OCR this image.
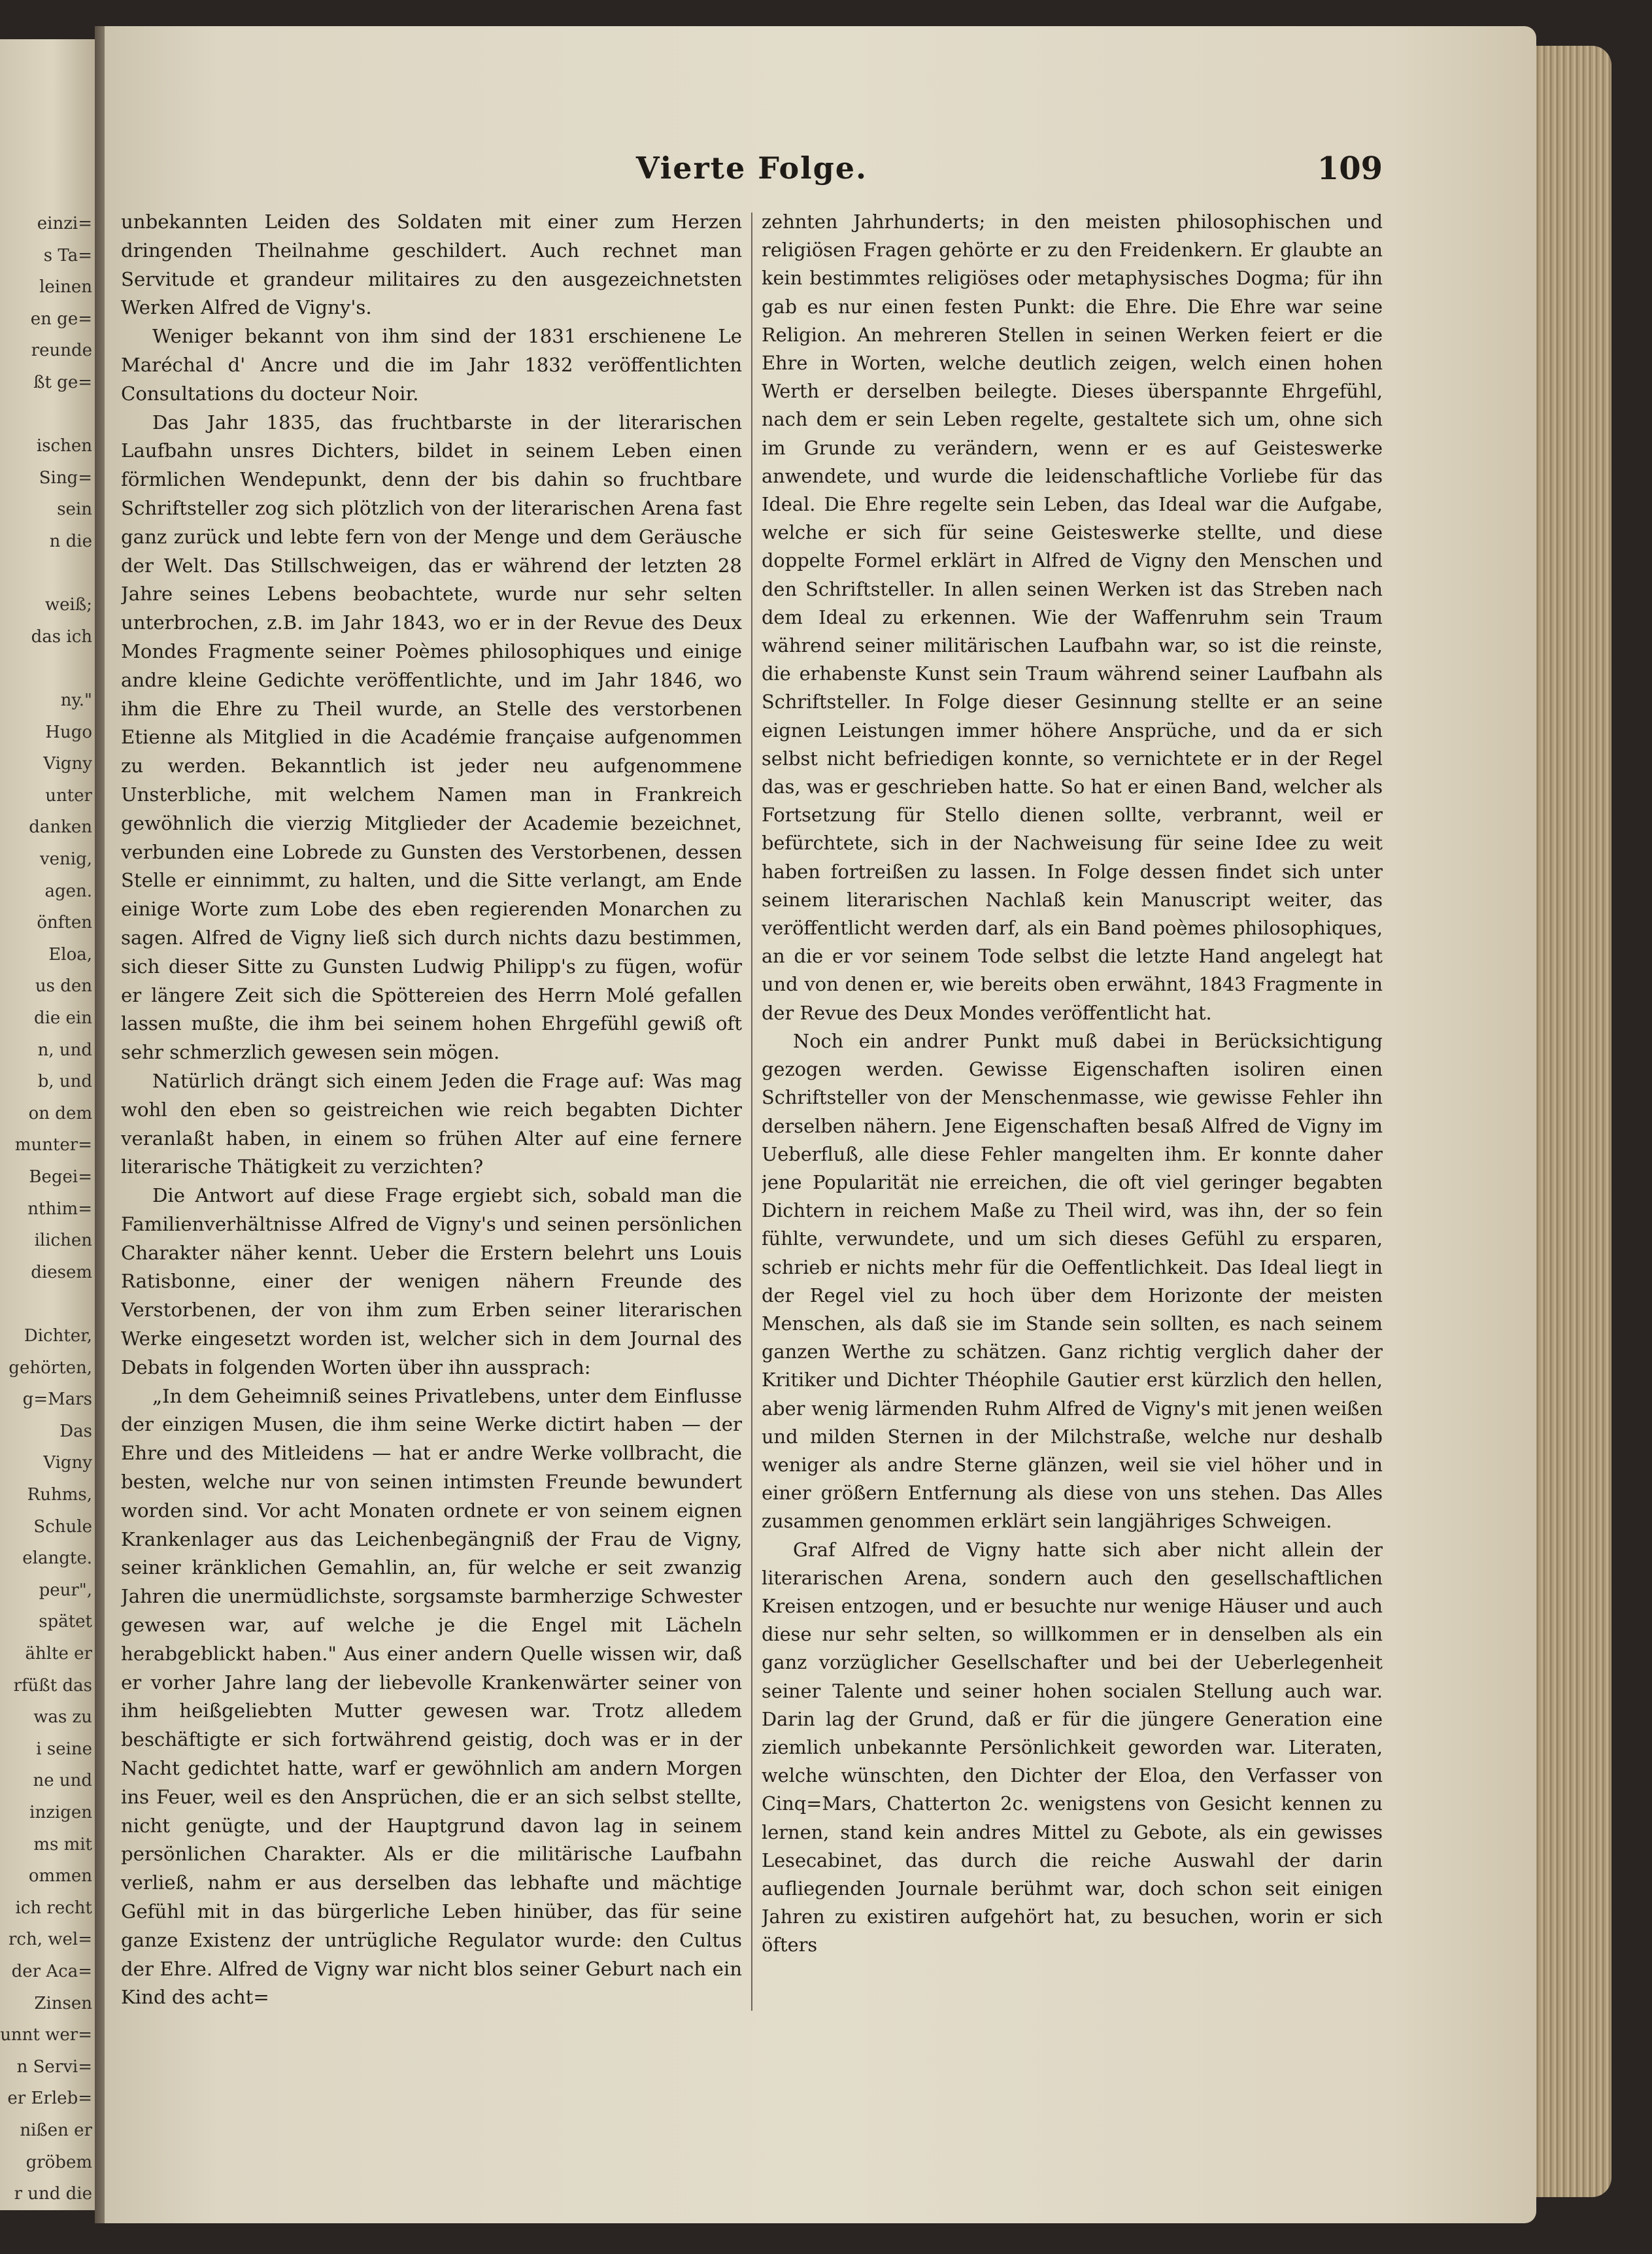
einzi=
s Ta=
leinen
en ge=
reunde
ßt ge=
ischen
Sing=
sein
n die
weiß;
das ich
ny."
Hugo
Vigny
unter
danken
venig,
agen.
önften
Eloa,
us den
die ein
n, und
b, und
on dem
munter=
Begei=
nthim=
ilichen
diesem
Dichter,
gehörten,
g=Mars
Das
Vigny
Ruhms,
Schule
elangte.
peur",
spätet
ählte er
rfüßt das
was zu
i seine
ne und
inzigen
ms mit
ommen
ich recht
rch, wel=
der Aca=
Zinsen
unnt wer=
n Servi=
er Erleb=
nißen er
gröbem
r und die
Vierte Folge.	109

unbekannten Leiden des Soldaten mit einer zum Herzen dringenden Theilnahme geschildert. Auch rechnet man Servitude et grandeur militaires zu den ausgezeichnetsten Werken Alfred de Vigny's.

Weniger bekannt von ihm sind der 1831 erschienene Le Maréchal d' Ancre und die im Jahr 1832 veröffentlichten Consultations du docteur Noir.

Das Jahr 1835, das fruchtbarste in der literarischen Laufbahn unsres Dichters, bildet in seinem Leben einen förmlichen Wendepunkt, denn der bis dahin so fruchtbare Schriftsteller zog sich plötzlich von der literarischen Arena fast ganz zurück und lebte fern von der Menge und dem Geräusche der Welt. Das Stillschweigen, das er während der letzten 28 Jahre seines Lebens beobachtete, wurde nur sehr selten unterbrochen, z.B. im Jahr 1843, wo er in der Revue des Deux Mondes Fragmente seiner Poèmes philosophiques und einige andre kleine Gedichte veröffentlichte, und im Jahr 1846, wo ihm die Ehre zu Theil wurde, an Stelle des verstorbenen Etienne als Mitglied in die Académie française aufgenommen zu werden. Bekanntlich ist jeder neu aufgenommene Unsterbliche, mit welchem Namen man in Frankreich gewöhnlich die vierzig Mitglieder der Academie bezeichnet, verbunden eine Lobrede zu Gunsten des Verstorbenen, dessen Stelle er einnimmt, zu halten, und die Sitte verlangt, am Ende einige Worte zum Lobe des eben regierenden Monarchen zu sagen. Alfred de Vigny ließ sich durch nichts dazu bestimmen, sich dieser Sitte zu Gunsten Ludwig Philipp's zu fügen, wofür er längere Zeit sich die Spöttereien des Herrn Molé gefallen lassen mußte, die ihm bei seinem hohen Ehrgefühl gewiß oft sehr schmerzlich gewesen sein mögen.

Natürlich drängt sich einem Jeden die Frage auf: Was mag wohl den eben so geistreichen wie reich begabten Dichter veranlaßt haben, in einem so frühen Alter auf eine fernere literarische Thätigkeit zu verzichten?

Die Antwort auf diese Frage ergiebt sich, sobald man die Familienverhältnisse Alfred de Vigny's und seinen persönlichen Charakter näher kennt. Ueber die Erstern belehrt uns Louis Ratisbonne, einer der wenigen nähern Freunde des Verstorbenen, der von ihm zum Erben seiner literarischen Werke eingesetzt worden ist, welcher sich in dem Journal des Debats in folgenden Worten über ihn aussprach:

„In dem Geheimniß seines Privatlebens, unter dem Einflusse der einzigen Musen, die ihm seine Werke dictirt haben — der Ehre und des Mitleidens — hat er andre Werke vollbracht, die besten, welche nur von seinen intimsten Freunde bewundert worden sind. Vor acht Monaten ordnete er von seinem eignen Krankenlager aus das Leichenbegängniß der Frau de Vigny, seiner kränklichen Gemahlin, an, für welche er seit zwanzig Jahren die unermüdlichste, sorgsamste barmherzige Schwester gewesen war, auf welche je die Engel mit Lächeln herabgeblickt haben." Aus einer andern Quelle wissen wir, daß er vorher Jahre lang der liebevolle Krankenwärter seiner von ihm heißgeliebten Mutter gewesen war. Trotz alledem beschäftigte er sich fortwährend geistig, doch was er in der Nacht gedichtet hatte, warf er gewöhnlich am andern Morgen ins Feuer, weil es den Ansprüchen, die er an sich selbst stellte, nicht genügte, und der Hauptgrund davon lag in seinem persönlichen Charakter. Als er die militärische Laufbahn verließ, nahm er aus derselben das lebhafte und mächtige Gefühl mit in das bürgerliche Leben hinüber, das für seine ganze Existenz der untrügliche Regulator wurde: den Cultus der Ehre. Alfred de Vigny war nicht blos seiner Geburt nach ein Kind des acht=

zehnten Jahrhunderts; in den meisten philosophischen und religiösen Fragen gehörte er zu den Freidenkern. Er glaubte an kein bestimmtes religiöses oder metaphysisches Dogma; für ihn gab es nur einen festen Punkt: die Ehre. Die Ehre war seine Religion. An mehreren Stellen in seinen Werken feiert er die Ehre in Worten, welche deutlich zeigen, welch einen hohen Werth er derselben beilegte. Dieses überspannte Ehrgefühl, nach dem er sein Leben regelte, gestaltete sich um, ohne sich im Grunde zu verändern, wenn er es auf Geisteswerke anwendete, und wurde die leidenschaftliche Vorliebe für das Ideal. Die Ehre regelte sein Leben, das Ideal war die Aufgabe, welche er sich für seine Geisteswerke stellte, und diese doppelte Formel erklärt in Alfred de Vigny den Menschen und den Schriftsteller. In allen seinen Werken ist das Streben nach dem Ideal zu erkennen. Wie der Waffenruhm sein Traum während seiner militärischen Laufbahn war, so ist die reinste, die erhabenste Kunst sein Traum während seiner Laufbahn als Schriftsteller. In Folge dieser Gesinnung stellte er an seine eignen Leistungen immer höhere Ansprüche, und da er sich selbst nicht befriedigen konnte, so vernichtete er in der Regel das, was er geschrieben hatte. So hat er einen Band, welcher als Fortsetzung für Stello dienen sollte, verbrannt, weil er befürchtete, sich in der Nachweisung für seine Idee zu weit haben fortreißen zu lassen. In Folge dessen findet sich unter seinem literarischen Nachlaß kein Manuscript weiter, das veröffentlicht werden darf, als ein Band poèmes philosophiques, an die er vor seinem Tode selbst die letzte Hand angelegt hat und von denen er, wie bereits oben erwähnt, 1843 Fragmente in der Revue des Deux Mondes veröffentlicht hat.

Noch ein andrer Punkt muß dabei in Berücksichtigung gezogen werden. Gewisse Eigenschaften isoliren einen Schriftsteller von der Menschenmasse, wie gewisse Fehler ihn derselben nähern. Jene Eigenschaften besaß Alfred de Vigny im Ueberfluß, alle diese Fehler mangelten ihm. Er konnte daher jene Popularität nie erreichen, die oft viel geringer begabten Dichtern in reichem Maße zu Theil wird, was ihn, der so fein fühlte, verwundete, und um sich dieses Gefühl zu ersparen, schrieb er nichts mehr für die Oeffentlichkeit. Das Ideal liegt in der Regel viel zu hoch über dem Horizonte der meisten Menschen, als daß sie im Stande sein sollten, es nach seinem ganzen Werthe zu schätzen. Ganz richtig verglich daher der Kritiker und Dichter Théophile Gautier erst kürzlich den hellen, aber wenig lärmenden Ruhm Alfred de Vigny's mit jenen weißen und milden Sternen in der Milchstraße, welche nur deshalb weniger als andre Sterne glänzen, weil sie viel höher und in einer größern Entfernung als diese von uns stehen. Das Alles zusammen genommen erklärt sein langjähriges Schweigen.

Graf Alfred de Vigny hatte sich aber nicht allein der literarischen Arena, sondern auch den gesellschaftlichen Kreisen entzogen, und er besuchte nur wenige Häuser und auch diese nur sehr selten, so willkommen er in denselben als ein ganz vorzüglicher Gesellschafter und bei der Ueberlegenheit seiner Talente und seiner hohen socialen Stellung auch war. Darin lag der Grund, daß er für die jüngere Generation eine ziemlich unbekannte Persönlichkeit geworden war. Literaten, welche wünschten, den Dichter der Eloa, den Verfasser von Cinq=Mars, Chatterton 2c. wenigstens von Gesicht kennen zu lernen, stand kein andres Mittel zu Gebote, als ein gewisses Lesecabinet, das durch die reiche Auswahl der darin aufliegenden Journale berühmt war, doch schon seit einigen Jahren zu existiren aufgehört hat, zu besuchen, worin er sich öfters
